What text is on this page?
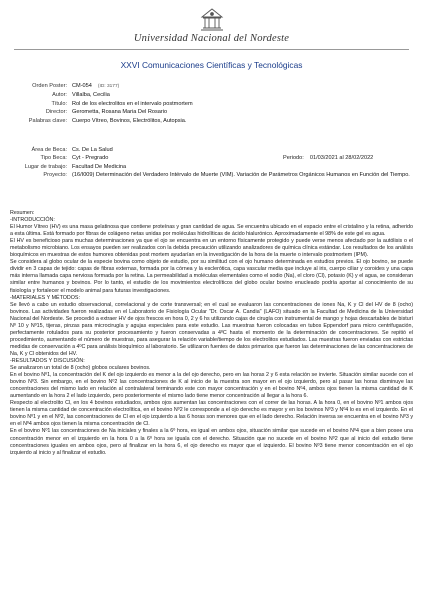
Universidad Nacional del Nordeste
XXVI Comunicaciones Científicas y Tecnológicas
Orden Poster: CM-054 (ID: 3177)
Autor: Villalba, Cecilia
Título: Rol de los electrolitos en el intervalo postmortem
Director: Gerometta, Rosana Maria Del Rosario
Palabras clave: Cuerpo Vítreo, Bovinos, Electrólitos, Autopsia.
Área de Beca: Cs. De La Salud
Tipo Beca: Cyt - Pregrado	Periodo: 01/03/2021 al 28/02/2022
Lugar de trabajo: Facultad De Medicina
Proyecto: (16/I009) Determinación del Verdadero Intérvalo de Muerte (VIM). Variación de Parámetros Orgánicos Humanos en Función del Tiempo.

Resumen:

-INTRODUCCIÓN:

El Humor Vítreo (HV) es una masa gelatinosa que contiene proteínas y gran cantidad de agua. Se encuentra ubicado en el espacio entre el cristalino y la retina, adherido a esta última. Está formado por fibras de colágeno netas unidas por moléculas hidrolíticas de ácido hialurónico. Aproximadamente el 98% de este gel es agua.

El HV es beneficioso para muchas determinaciones ya que el ojo se encuentra en un entorno físicamente protegido y puede verse menos afectado por la autólisis o el metabolismo microbiano. Los ensayos pueden ser realizados con la debida precaución utilizando analizadores de química clínica estándar. Los resultados de los análisis bioquímicos en muestras de estos humores obtenidas post mortem ayudarían en la investigación de la hora de la muerte o intervalo postmortem (IPM).

Se considera al globo ocular de la especie bovina como objeto de estudio, por su similitud con el ojo humano determinada en estudios previos. El ojo bovino, se puede dividir en 3 capas de tejido: capas de fibras externas, formada por la córnea y la esclerótica, capa vascular media que incluye al iris, cuerpo ciliar y coroides y una capa más interna llamada capa nerviosa formada por la retina. La permeabilidad a moléculas elementales como el sodio (Na), el cloro (Cl), potasio (K) y el agua, se consideran similar entre humanos y bovinos. Por lo tanto, el estudio de los movimientos electrolíticos del globo ocular bovino enucleado podría aportar al conocimiento de su fisiología y fortalecer el modelo animal para futuras investigaciones.

-MATERIALES Y MÉTODOS:

Se llevó a cabo un estudio observacional, correlacional y de corte transversal; en el cual se evaluaron las concentraciones de iones Na, K y Cl del HV de 8 (ocho) bovinos. Las actividades fueron realizadas en el Laboratorio de Fisiología Ocular "Dr. Oscar A. Candia" (LAFO) situado en la Facultad de Medicina de la Universidad Nacional del Nordeste. Se procedió a extraer HV de ojos frescos en hora 0, 2 y 6 hs utilizando cajas de cirugía con instrumental de mango y hojas descartables de bisturí Nº 10 y Nº15, tijeras, pinzas para microcirugía y agujas especiales para este estudio. Las muestras fueron colocadas en tubos Eppendorf para micro centrifugación, perfectamente rotulados para su posterior procesamiento y fueron conservadas a 4ºC hasta el momento de la determinación de concentraciones. Se repitió el procedimiento, aumentando el número de muestras, para asegurar la relación variable/tiempo de los electrolitos estudiados. Las muestras fueron enviadas con estrictas medidas de conservación a 4ºC para análisis bioquímico al laboratorio. Se utilizaron fuentes de datos primarios que fueron las determinaciones de las concentraciones de Na, K y Cl obtenidos del HV.

-RESULTADOS Y DISCUSIÓN:

Se analizaron un total de 8 (ocho) globos oculares bovinos.

En el bovino Nº1, la concentración del K del ojo izquierdo es menor a la del ojo derecho, pero en las horas 2 y 6 esta relación se invierte. Situación similar sucede con el bovino Nº3. Sin embargo, en el bovino Nº2 las concentraciones de K al inicio de la muestra son mayor en el ojo izquierdo, pero al pasar las horas disminuye las concentraciones del mismo lado en relación al contralateral terminando este con mayor concentración y en el bovino Nº4, ambos ojos tienen la misma cantidad de K aumentando en la hora 2 el lado izquierdo, pero posteriormente el mismo lado tiene menor concentración al llegar a la hora 6.

Respecto al electrolito Cl, en los 4 bovinos estudiados, ambos ojos aumentan las concentraciones con el correr de las horas. A la hora 0, en el bovino Nº1 ambos ojos tienen la misma cantidad de concentración electrolítica, en el bovino Nº2 le corresponde a el ojo derecho es mayor y en los bovinos Nº3 y Nº4 lo es en el izquierdo. En el bovino Nº1 y en el Nº2, las concentraciones de Cl en el ojo izquierdo a las 6 horas son menores que en el lado derecho. Relación inversa se encuentra en el bovino Nº3 y en el Nº4 ambos ojos tienen la misma concentración de Cl.

En el bovino Nº1 las concentraciones de Na iniciales y finales a la 6º hora, es igual en ambos ojos, situación similar que sucede en el bovino Nº4 que a bien posee una concentración menor en el izquierdo en la hora 0 a la 6º hora se iguala con el derecho. Situación que no sucede en el bovino Nº2 que al inicio del estudio tiene concentraciones iguales en ambos ojos, pero al finalizar en la hora 6, el ojo derecho es mayor que el izquierdo. El bovino Nº3 tiene menor concentración en el ojo izquierdo al inicio y al finalizar el estudio.
